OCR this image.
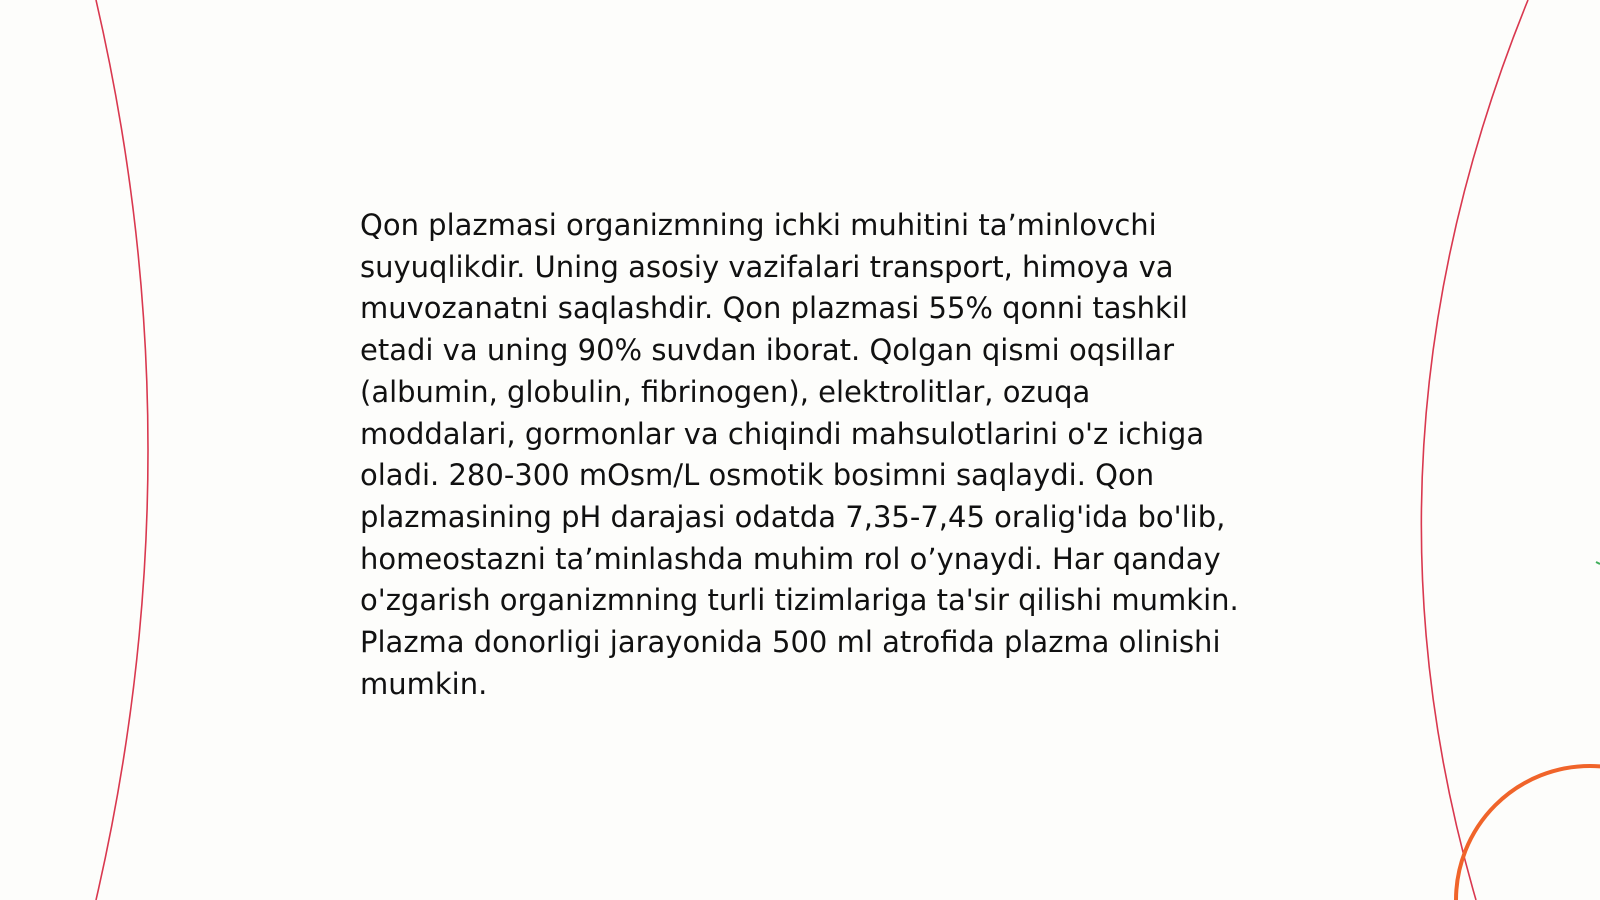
Qon plazmasi organizmning ichki muhitini ta’minlovchi suyuqlikdir. Uning asosiy vazifalari transport, himoya va muvozanatni saqlashdir. Qon plazmasi 55% qonni tashkil etadi va uning 90% suvdan iborat. Qolgan qismi oqsillar (albumin, globulin, fibrinogen), elektrolitlar, ozuqa moddalari, gormonlar va chiqindi mahsulotlarini o'z ichiga oladi. 280-300 mOsm/L osmotik bosimni saqlaydi. Qon plazmasining pH darajasi odatda 7,35-7,45 oralig'ida bo'lib, homeostazni ta’minlashda muhim rol o’ynaydi. Har qanday o'zgarish organizmning turli tizimlariga ta'sir qilishi mumkin. Plazma donorligi jarayonida 500 ml atrofida plazma olinishi mumkin.
